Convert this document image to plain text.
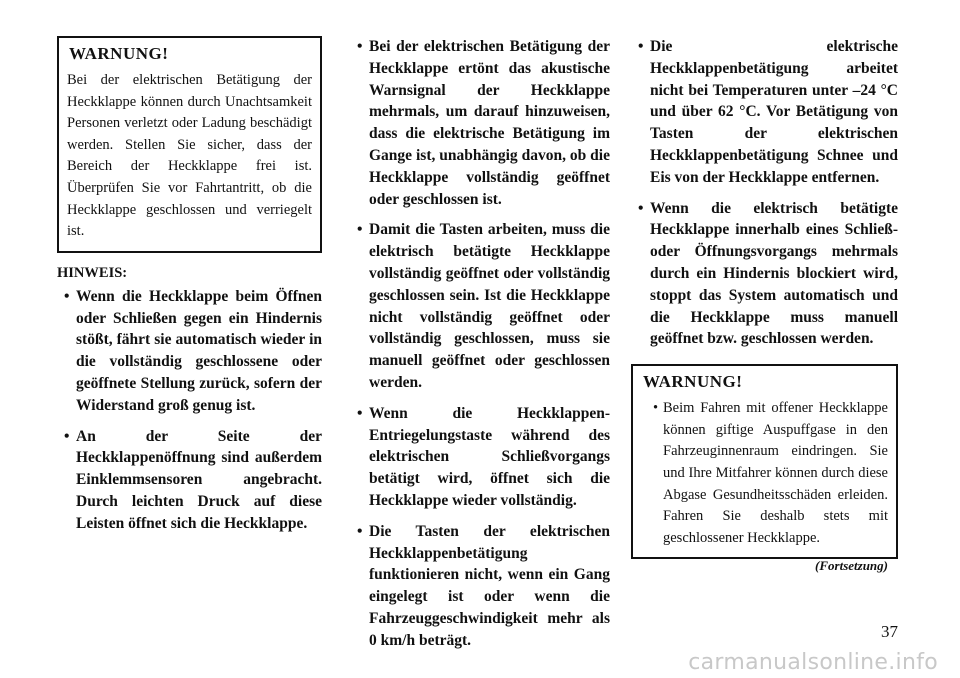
WARNUNG!

Bei der elektrischen Betätigung der Heckklappe können durch Unachtsamkeit Personen verletzt oder Ladung beschädigt werden. Stellen Sie sicher, dass der Bereich der Heckklappe frei ist. Überprüfen Sie vor Fahrtantritt, ob die Heckklappe geschlossen und verriegelt ist.

HINWEIS:
• Wenn die Heckklappe beim Öffnen oder Schließen gegen ein Hindernis stößt, fährt sie automatisch wieder in die vollständig geschlossene oder geöffnete Stellung zurück, sofern der Widerstand groß genug ist.
• An der Seite der Heckklappenöffnung sind außerdem Einklemmsensoren angebracht. Durch leichten Druck auf diese Leisten öffnet sich die Heckklappe.
• Bei der elektrischen Betätigung der Heckklappe ertönt das akustische Warnsignal der Heckklappe mehrmals, um darauf hinzuweisen, dass die elektrische Betätigung im Gange ist, unabhängig davon, ob die Heckklappe vollständig geöffnet oder geschlossen ist.
• Damit die Tasten arbeiten, muss die elektrisch betätigte Heckklappe vollständig geöffnet oder vollständig geschlossen sein. Ist die Heckklappe nicht vollständig geöffnet oder vollständig geschlossen, muss sie manuell geöffnet oder geschlossen werden.
• Wenn die Heckklappen-Entriegelungstaste während des elektrischen Schließvorgangs betätigt wird, öffnet sich die Heckklappe wieder vollständig.
• Die Tasten der elektrischen Heckklappenbetätigung funktionieren nicht, wenn ein Gang eingelegt ist oder wenn die Fahrzeuggeschwindigkeit mehr als 0 km/h beträgt.
• Die elektrische Heckklappenbetätigung arbeitet nicht bei Temperaturen unter –24 °C und über 62 °C. Vor Betätigung von Tasten der elektrischen Heckklappenbetätigung Schnee und Eis von der Heckklappe entfernen.
• Wenn die elektrisch betätigte Heckklappe innerhalb eines Schließ- oder Öffnungsvorgangs mehrmals durch ein Hindernis blockiert wird, stoppt das System automatisch und die Heckklappe muss manuell geöffnet bzw. geschlossen werden.
WARNUNG!
• Beim Fahren mit offener Heckklappe können giftige Auspuffgase in den Fahrzeuginnenraum eindringen. Sie und Ihre Mitfahrer können durch diese Abgase Gesundheitsschäden erleiden. Fahren Sie deshalb stets mit geschlossener Heckklappe.
(Fortsetzung)
37
carmanualsonline.info
